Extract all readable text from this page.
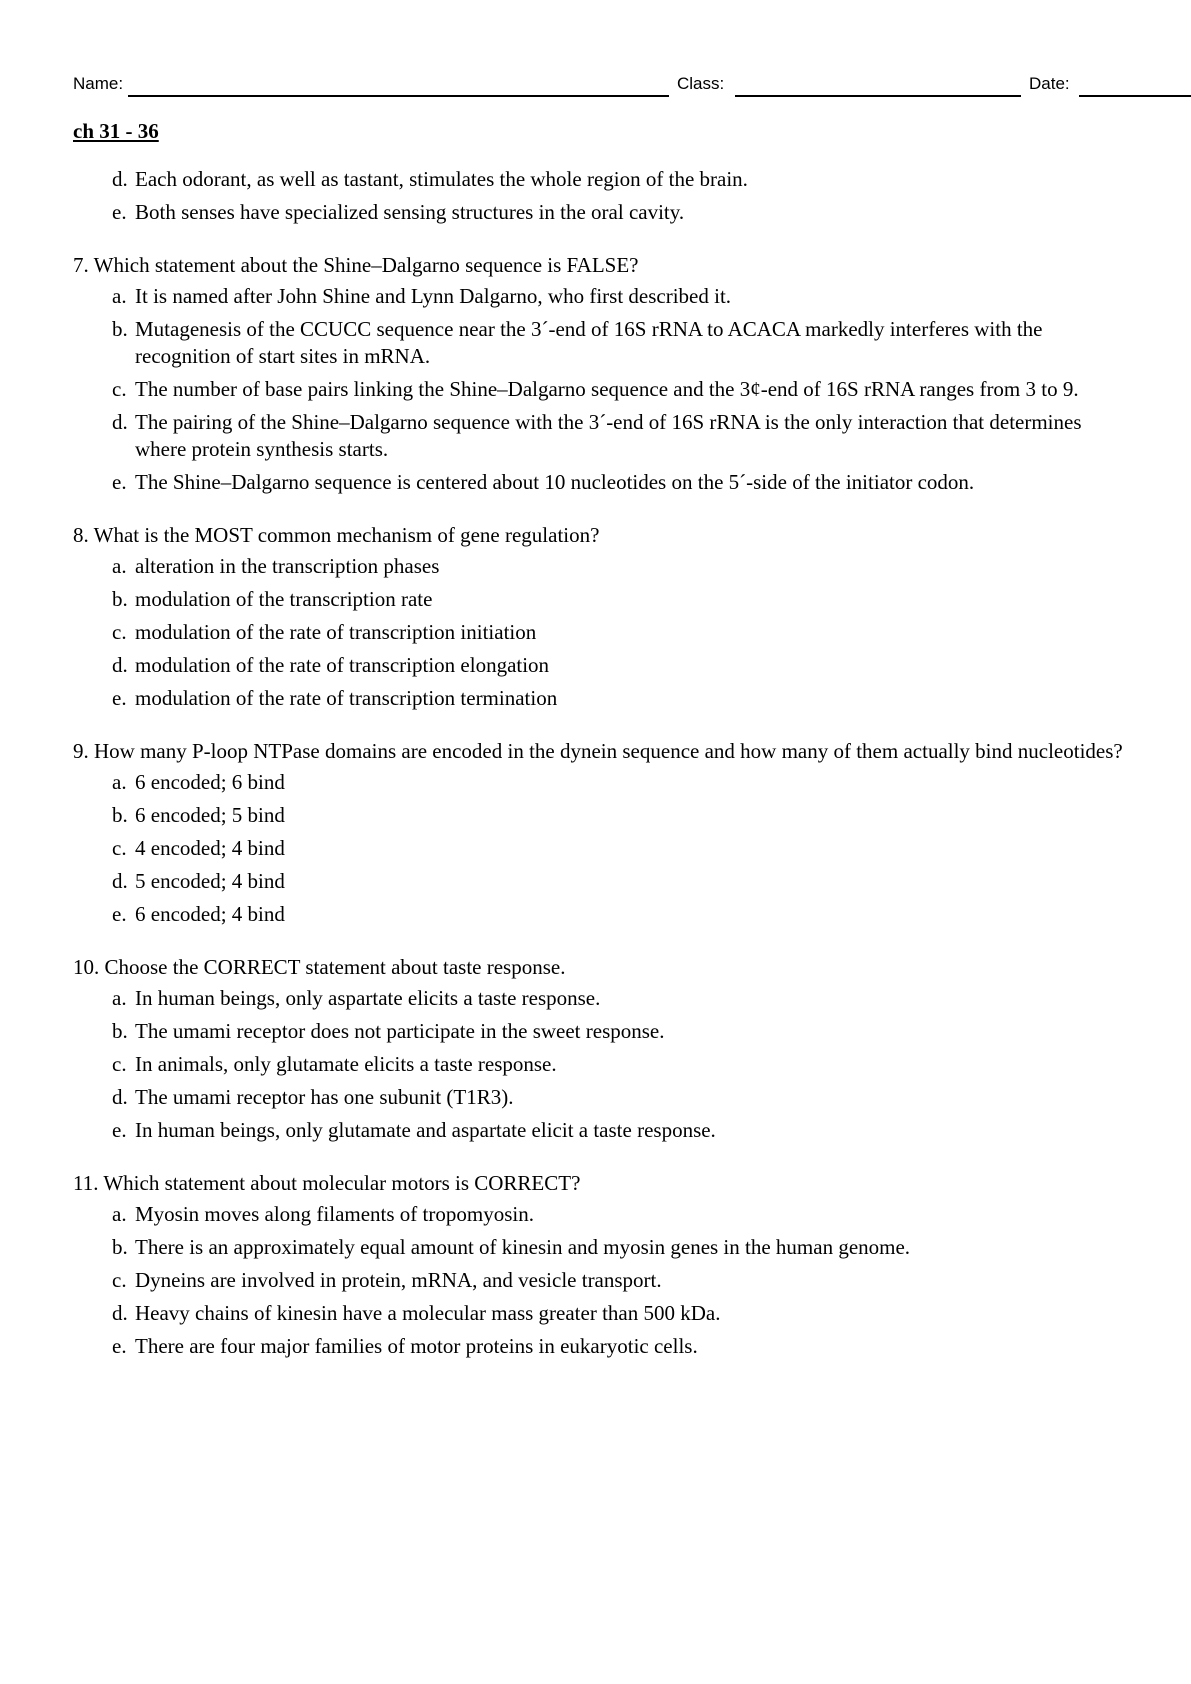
Name:	Class:	Date:
ch 31 - 36
d. Each odorant, as well as tastant, stimulates the whole region of the brain.
e. Both senses have specialized sensing structures in the oral cavity.
7. Which statement about the Shine–Dalgarno sequence is FALSE?
a. It is named after John Shine and Lynn Dalgarno, who first described it.
b. Mutagenesis of the CCUCC sequence near the 3´-end of 16S rRNA to ACACA markedly interferes with the recognition of start sites in mRNA.
c. The number of base pairs linking the Shine–Dalgarno sequence and the 3¢-end of 16S rRNA ranges from 3 to 9.
d. The pairing of the Shine–Dalgarno sequence with the 3´-end of 16S rRNA is the only interaction that determines where protein synthesis starts.
e. The Shine–Dalgarno sequence is centered about 10 nucleotides on the 5´-side of the initiator codon.
8. What is the MOST common mechanism of gene regulation?
a. alteration in the transcription phases
b. modulation of the transcription rate
c. modulation of the rate of transcription initiation
d. modulation of the rate of transcription elongation
e. modulation of the rate of transcription termination
9. How many P-loop NTPase domains are encoded in the dynein sequence and how many of them actually bind nucleotides?
a. 6 encoded; 6 bind
b. 6 encoded; 5 bind
c. 4 encoded; 4 bind
d. 5 encoded; 4 bind
e. 6 encoded; 4 bind
10. Choose the CORRECT statement about taste response.
a. In human beings, only aspartate elicits a taste response.
b. The umami receptor does not participate in the sweet response.
c. In animals, only glutamate elicits a taste response.
d. The umami receptor has one subunit (T1R3).
e. In human beings, only glutamate and aspartate elicit a taste response.
11. Which statement about molecular motors is CORRECT?
a. Myosin moves along filaments of tropomyosin.
b. There is an approximately equal amount of kinesin and myosin genes in the human genome.
c. Dyneins are involved in protein, mRNA, and vesicle transport.
d. Heavy chains of kinesin have a molecular mass greater than 500 kDa.
e. There are four major families of motor proteins in eukaryotic cells.
